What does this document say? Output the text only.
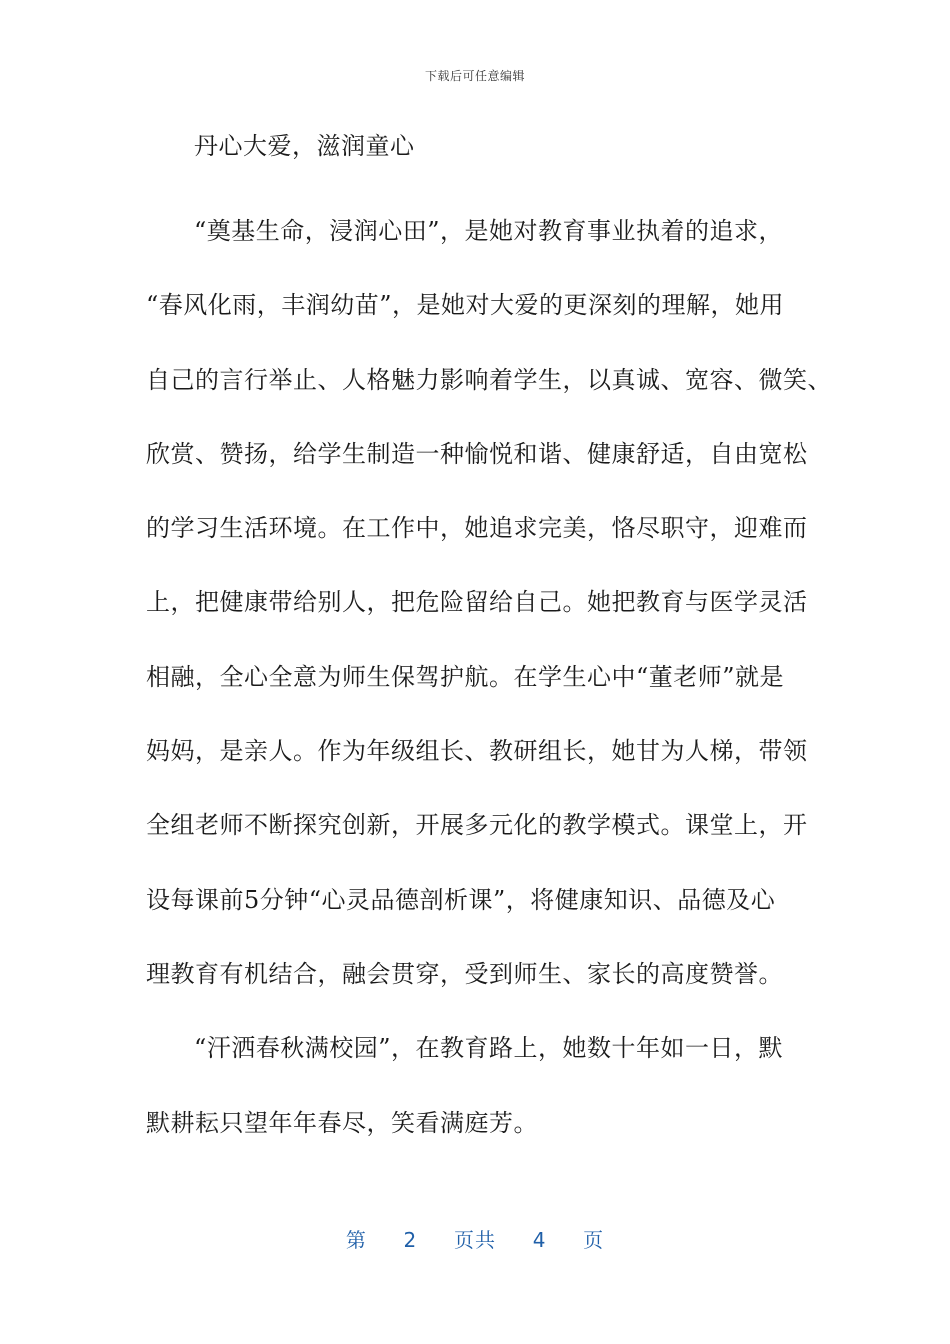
下载后可任意编辑
丹心大爱，滋润童心
“奠基生命，浸润心田”，是她对教育事业执着的追求，
“春风化雨，丰润幼苗”，是她对大爱的更深刻的理解，她用
自己的言行举止、人格魅力影响着学生，以真诚、宽容、微笑、
欣赏、赞扬，给学生制造一种愉悦和谐、健康舒适，自由宽松
的学习生活环境。在工作中，她追求完美，恪尽职守，迎难而
上，把健康带给别人，把危险留给自己。她把教育与医学灵活
相融，全心全意为师生保驾护航。在学生心中“董老师”就是
妈妈，是亲人。作为年级组长、教研组长，她甘为人梯，带领
全组老师不断探究创新，开展多元化的教学模式。课堂上，开
设每课前5分钟“心灵品德剖析课”，将健康知识、品德及心
理教育有机结合，融会贯穿，受到师生、家长的高度赞誉。
“汗洒春秋满校园”，在教育路上，她数十年如一日，默
默耕耘只望年年春尽，笑看满庭芳。
第 2 页共 4 页
